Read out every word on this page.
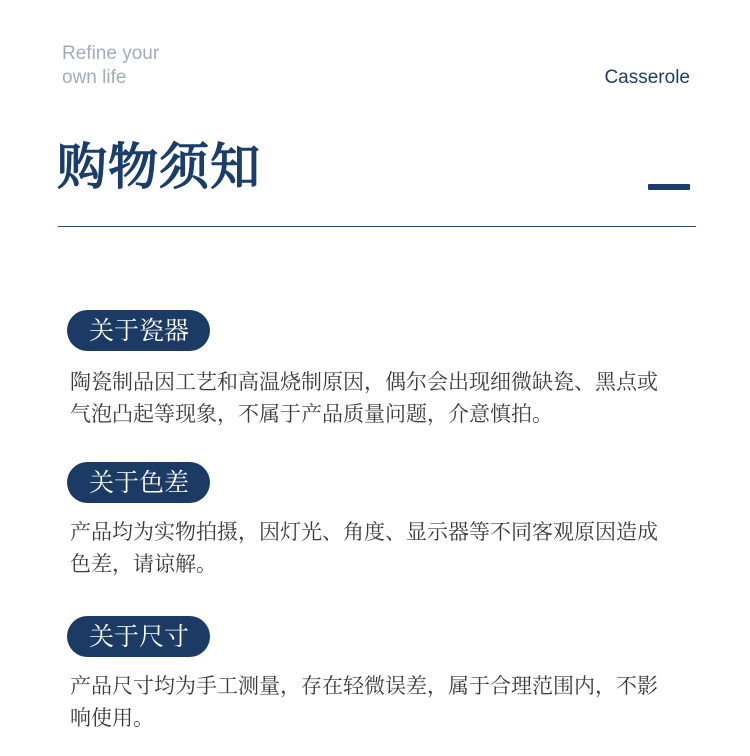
Refine your
own life	Casserole
购物须知
关于瓷器
陶瓷制品因工艺和高温烧制原因，偶尔会出现细微缺瓷、黑点或气泡凸起等现象，不属于产品质量问题，介意慎拍。
关于色差
产品均为实物拍摄，因灯光、角度、显示器等不同客观原因造成色差，请谅解。
关于尺寸
产品尺寸均为手工测量，存在轻微误差，属于合理范围内，不影响使用。
